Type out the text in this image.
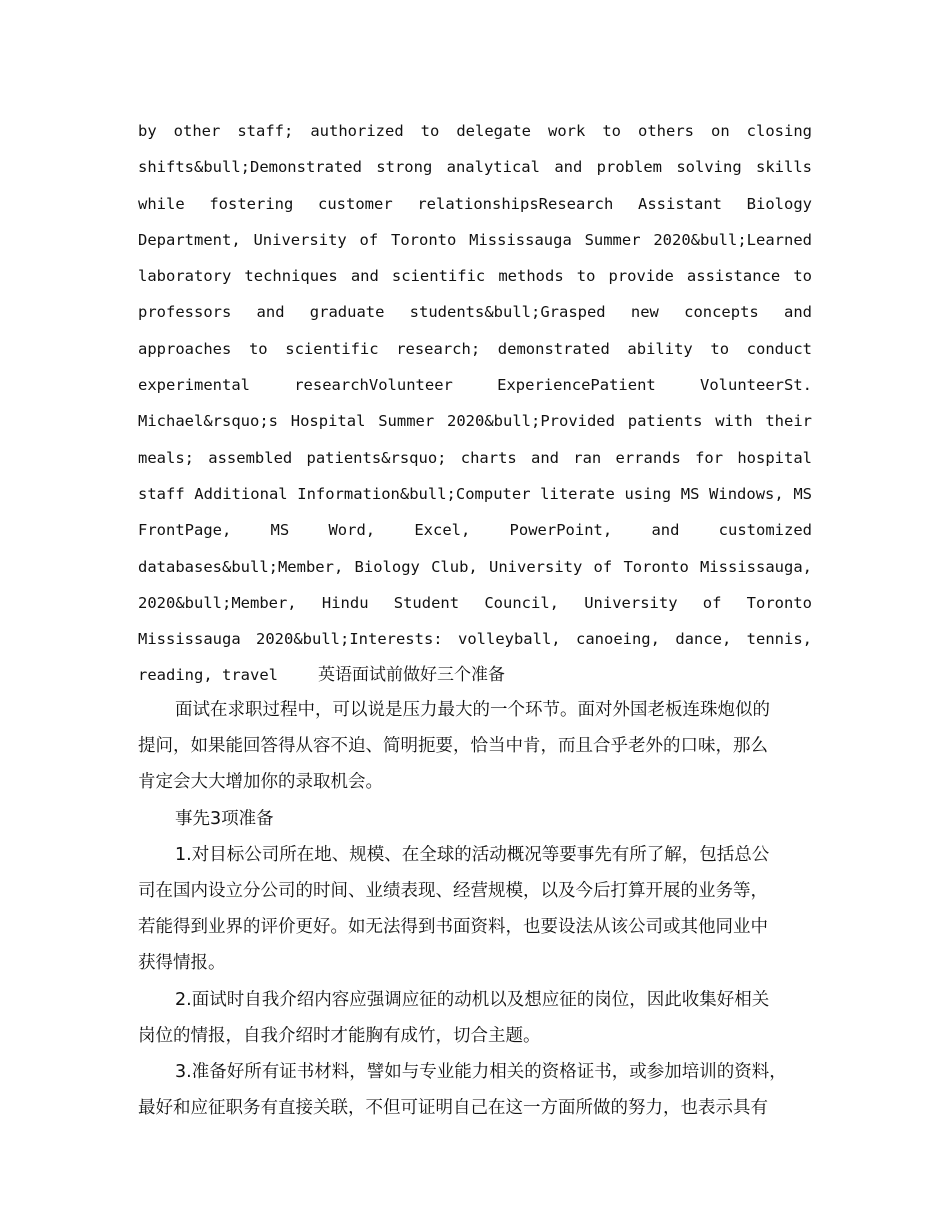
by other staff; authorized to delegate work to others on closing
shifts&bull;Demonstrated strong analytical and problem solving skills
while fostering customer relationshipsResearch Assistant Biology
Department, University of Toronto Mississauga Summer 2020&bull;Learned
laboratory techniques and scientific methods to provide assistance to
professors and graduate students&bull;Grasped new concepts and
approaches to scientific research; demonstrated ability to conduct
experimental researchVolunteer ExperiencePatient VolunteerSt.
Michael&rsquo;s Hospital Summer 2020&bull;Provided patients with their
meals; assembled patients&rsquo; charts and ran errands for hospital
staff Additional Information&bull;Computer literate using MS Windows, MS
FrontPage, MS Word, Excel, PowerPoint, and customized
databases&bull;Member, Biology Club, University of Toronto Mississauga,
2020&bull;Member, Hindu Student Council, University of Toronto
Mississauga 2020&bull;Interests: volleyball, canoeing, dance, tennis,
reading, travel 英语面试前做好三个准备
面试在求职过程中，可以说是压力最大的一个环节。面对外国老板连珠炮似的
提问，如果能回答得从容不迫、简明扼要，恰当中肯，而且合乎老外的口味，那么
肯定会大大增加你的录取机会。
事先3项准备
1.对目标公司所在地、规模、在全球的活动概况等要事先有所了解，包括总公
司在国内设立分公司的时间、业绩表现、经营规模，以及今后打算开展的业务等，
若能得到业界的评价更好。如无法得到书面资料，也要设法从该公司或其他同业中
获得情报。
2.面试时自我介绍内容应强调应征的动机以及想应征的岗位，因此收集好相关
岗位的情报，自我介绍时才能胸有成竹，切合主题。
3.准备好所有证书材料，譬如与专业能力相关的资格证书，或参加培训的资料，
最好和应征职务有直接关联，不但可证明自己在这一方面所做的努力，也表示具有
